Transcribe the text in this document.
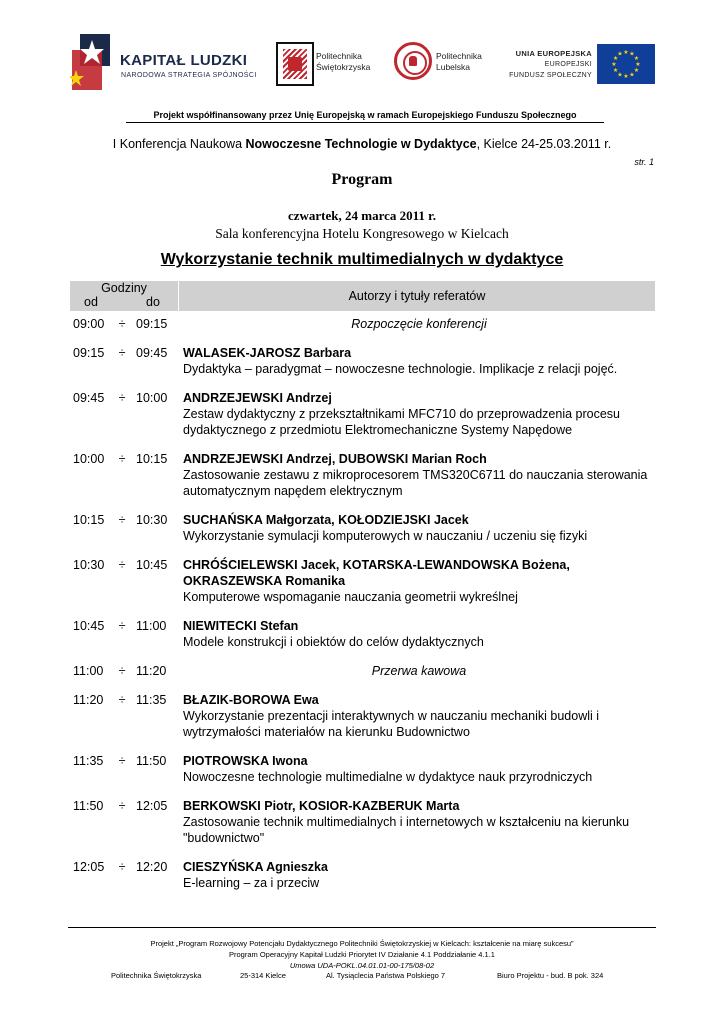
KAPITAŁ LUDZKI
NARODOWA STRATEGIA SPÓJNOŚCI
Politechnika
Świętokrzyska
Politechnika
Lubelska
UNIA EUROPEJSKA
EUROPEJSKI
FUNDUSZ SPOŁECZNY
★ ★
★
★
★
★
★
★
★
★
★
★
Projekt współfinansowany przez Unię Europejską w ramach Europejskiego Funduszu Społecznego
I Konferencja Naukowa Nowoczesne Technologie w Dydaktyce, Kielce 24-25.03.2011 r.
str. 1
Program
czwartek, 24 marca 2011 r.
Sala konferencyjna Hotelu Kongresowego w Kielcach
Wykorzystanie technik multimedialnych w dydaktyce
Godziny
od	do	Autorzy i tytuły referatów
09:00	÷ 09:15	Rozpoczęcie konferencji
09:15	÷ 09:45	WALASEK-JAROSZ Barbara
Dydaktyka – paradygmat – nowoczesne technologie. Implikacje z relacji pojęć.
09:45	÷ 10:00	ANDRZEJEWSKI Andrzej
Zestaw dydaktyczny z przekształtnikami MFC710 do przeprowadzenia procesu dydaktycznego z przedmiotu Elektromechaniczne Systemy Napędowe
10:00	÷ 10:15	ANDRZEJEWSKI Andrzej, DUBOWSKI Marian Roch
Zastosowanie zestawu z mikroprocesorem TMS320C6711 do nauczania sterowania automatycznym napędem elektrycznym
10:15	÷ 10:30	SUCHAŃSKA Małgorzata, KOŁODZIEJSKI Jacek
Wykorzystanie symulacji komputerowych w nauczaniu / uczeniu się fizyki
10:30	÷ 10:45	CHRÓŚCIELEWSKI Jacek, KOTARSKA-LEWANDOWSKA Bożena, OKRASZEWSKA Romanika
Komputerowe wspomaganie nauczania geometrii wykreślnej
10:45	÷ 11:00	NIEWITECKI Stefan
Modele konstrukcji i obiektów do celów dydaktycznych
11:00	÷ 11:20	Przerwa kawowa
11:20	÷ 11:35	BŁAZIK-BOROWA Ewa
Wykorzystanie prezentacji interaktywnych w nauczaniu mechaniki budowli i wytrzymałości materiałów na kierunku Budownictwo
11:35	÷ 11:50	PIOTROWSKA Iwona
Nowoczesne technologie multimedialne w dydaktyce nauk przyrodniczych
11:50	÷ 12:05	BERKOWSKI Piotr, KOSIOR-KAZBERUK Marta
Zastosowanie technik multimedialnych i internetowych w kształceniu na kierunku "budownictwo"
12:05	÷ 12:20	CIESZYŃSKA Agnieszka
E-learning – za i przeciw
Projekt „Program Rozwojowy Potencjału Dydaktycznego Politechniki Świętokrzyskiej w Kielcach: kształcenie na miarę sukcesu”
Program Operacyjny Kapitał Ludzki Priorytet IV Działanie 4.1 Poddziałanie 4.1.1
Umowa UDA-POKL.04.01.01-00-175/08-02
Politechnika Świętokrzyska	25-314 Kielce	Al. Tysiąclecia Państwa Polskiego 7	Biuro Projektu - bud. B pok. 324
